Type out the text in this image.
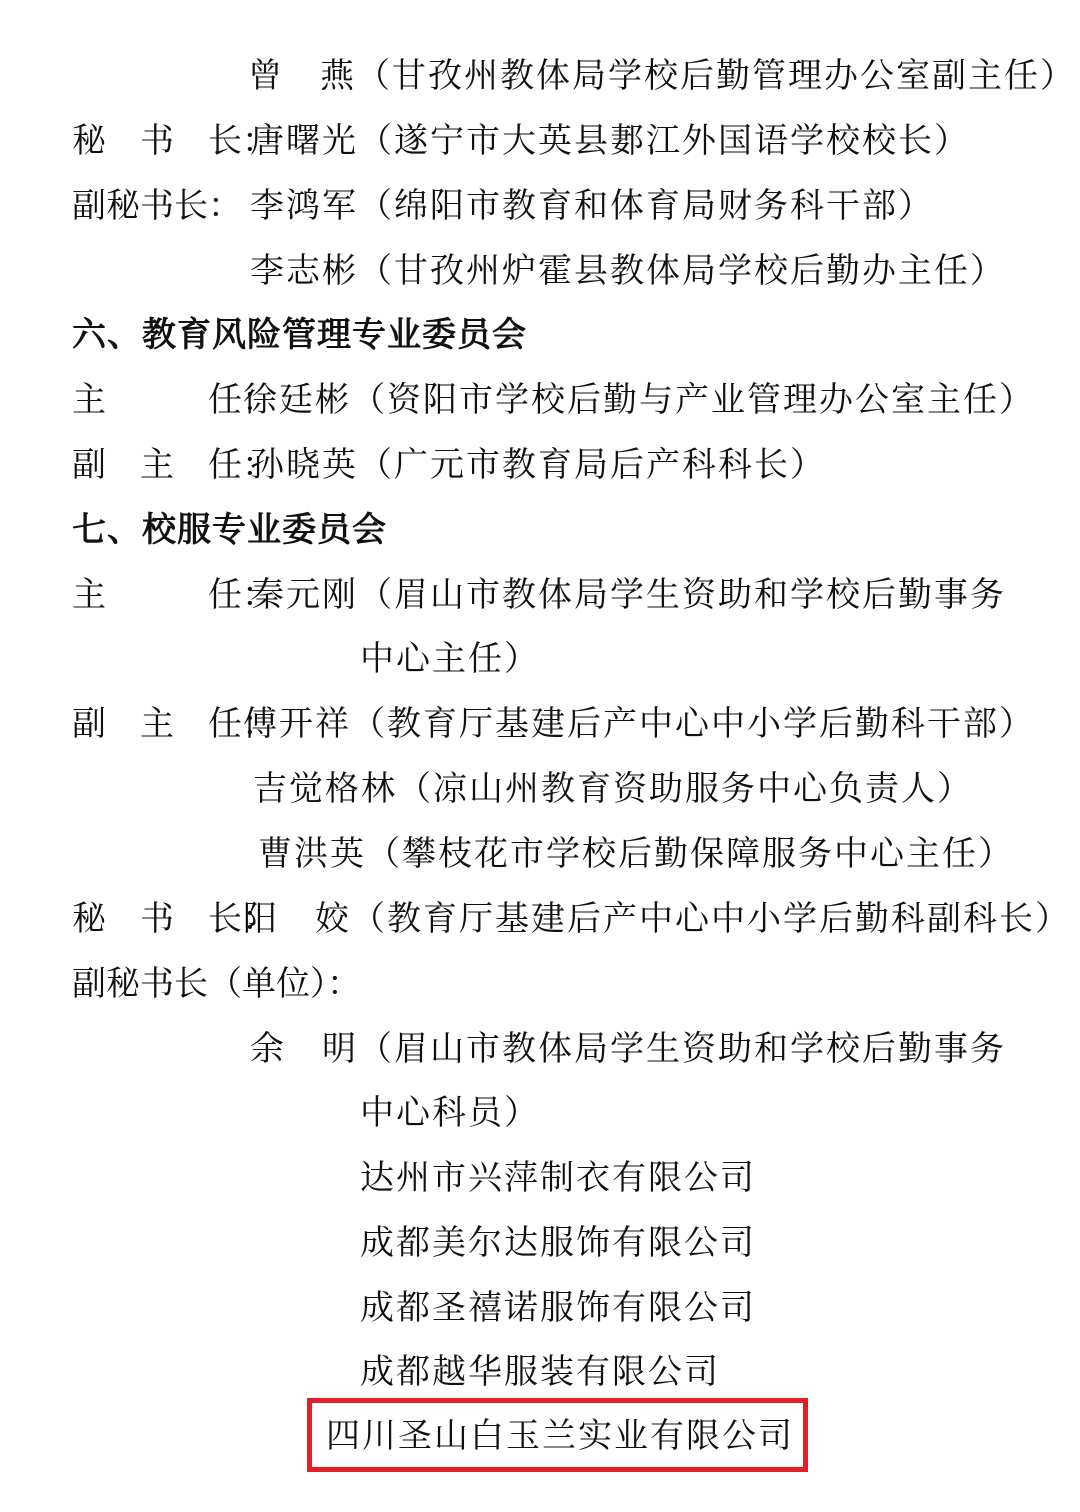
曾　燕（甘孜州教体局学校后勤管理办公室副主任）
秘　书　长：
唐曙光（遂宁市大英县郪江外国语学校校长）
副秘书长： 李鸿军（绵阳市教育和体育局财务科干部）
李志彬（甘孜州炉霍县教体局学校后勤办主任）
六、教育风险管理专业委员会
主　　　任：
徐廷彬（资阳市学校后勤与产业管理办公室主任）
副　主　任：
孙晓英（广元市教育局后产科科长）
七、校服专业委员会
主　　　任：
秦元刚（眉山市教体局学生资助和学校后勤事务
中心主任）
副　主　任：
傅开祥（教育厅基建后产中心中小学后勤科干部）
吉觉格林（凉山州教育资助服务中心负责人）
曹洪英（攀枝花市学校后勤保障服务中心主任）
秘　书　长：
阳　姣（教育厅基建后产中心中小学后勤科副科长）
副秘书长（单位）：
余　明（眉山市教体局学生资助和学校后勤事务
中心科员）
达州市兴萍制衣有限公司
成都美尔达服饰有限公司
成都圣禧诺服饰有限公司
成都越华服装有限公司
四川圣山白玉兰实业有限公司
